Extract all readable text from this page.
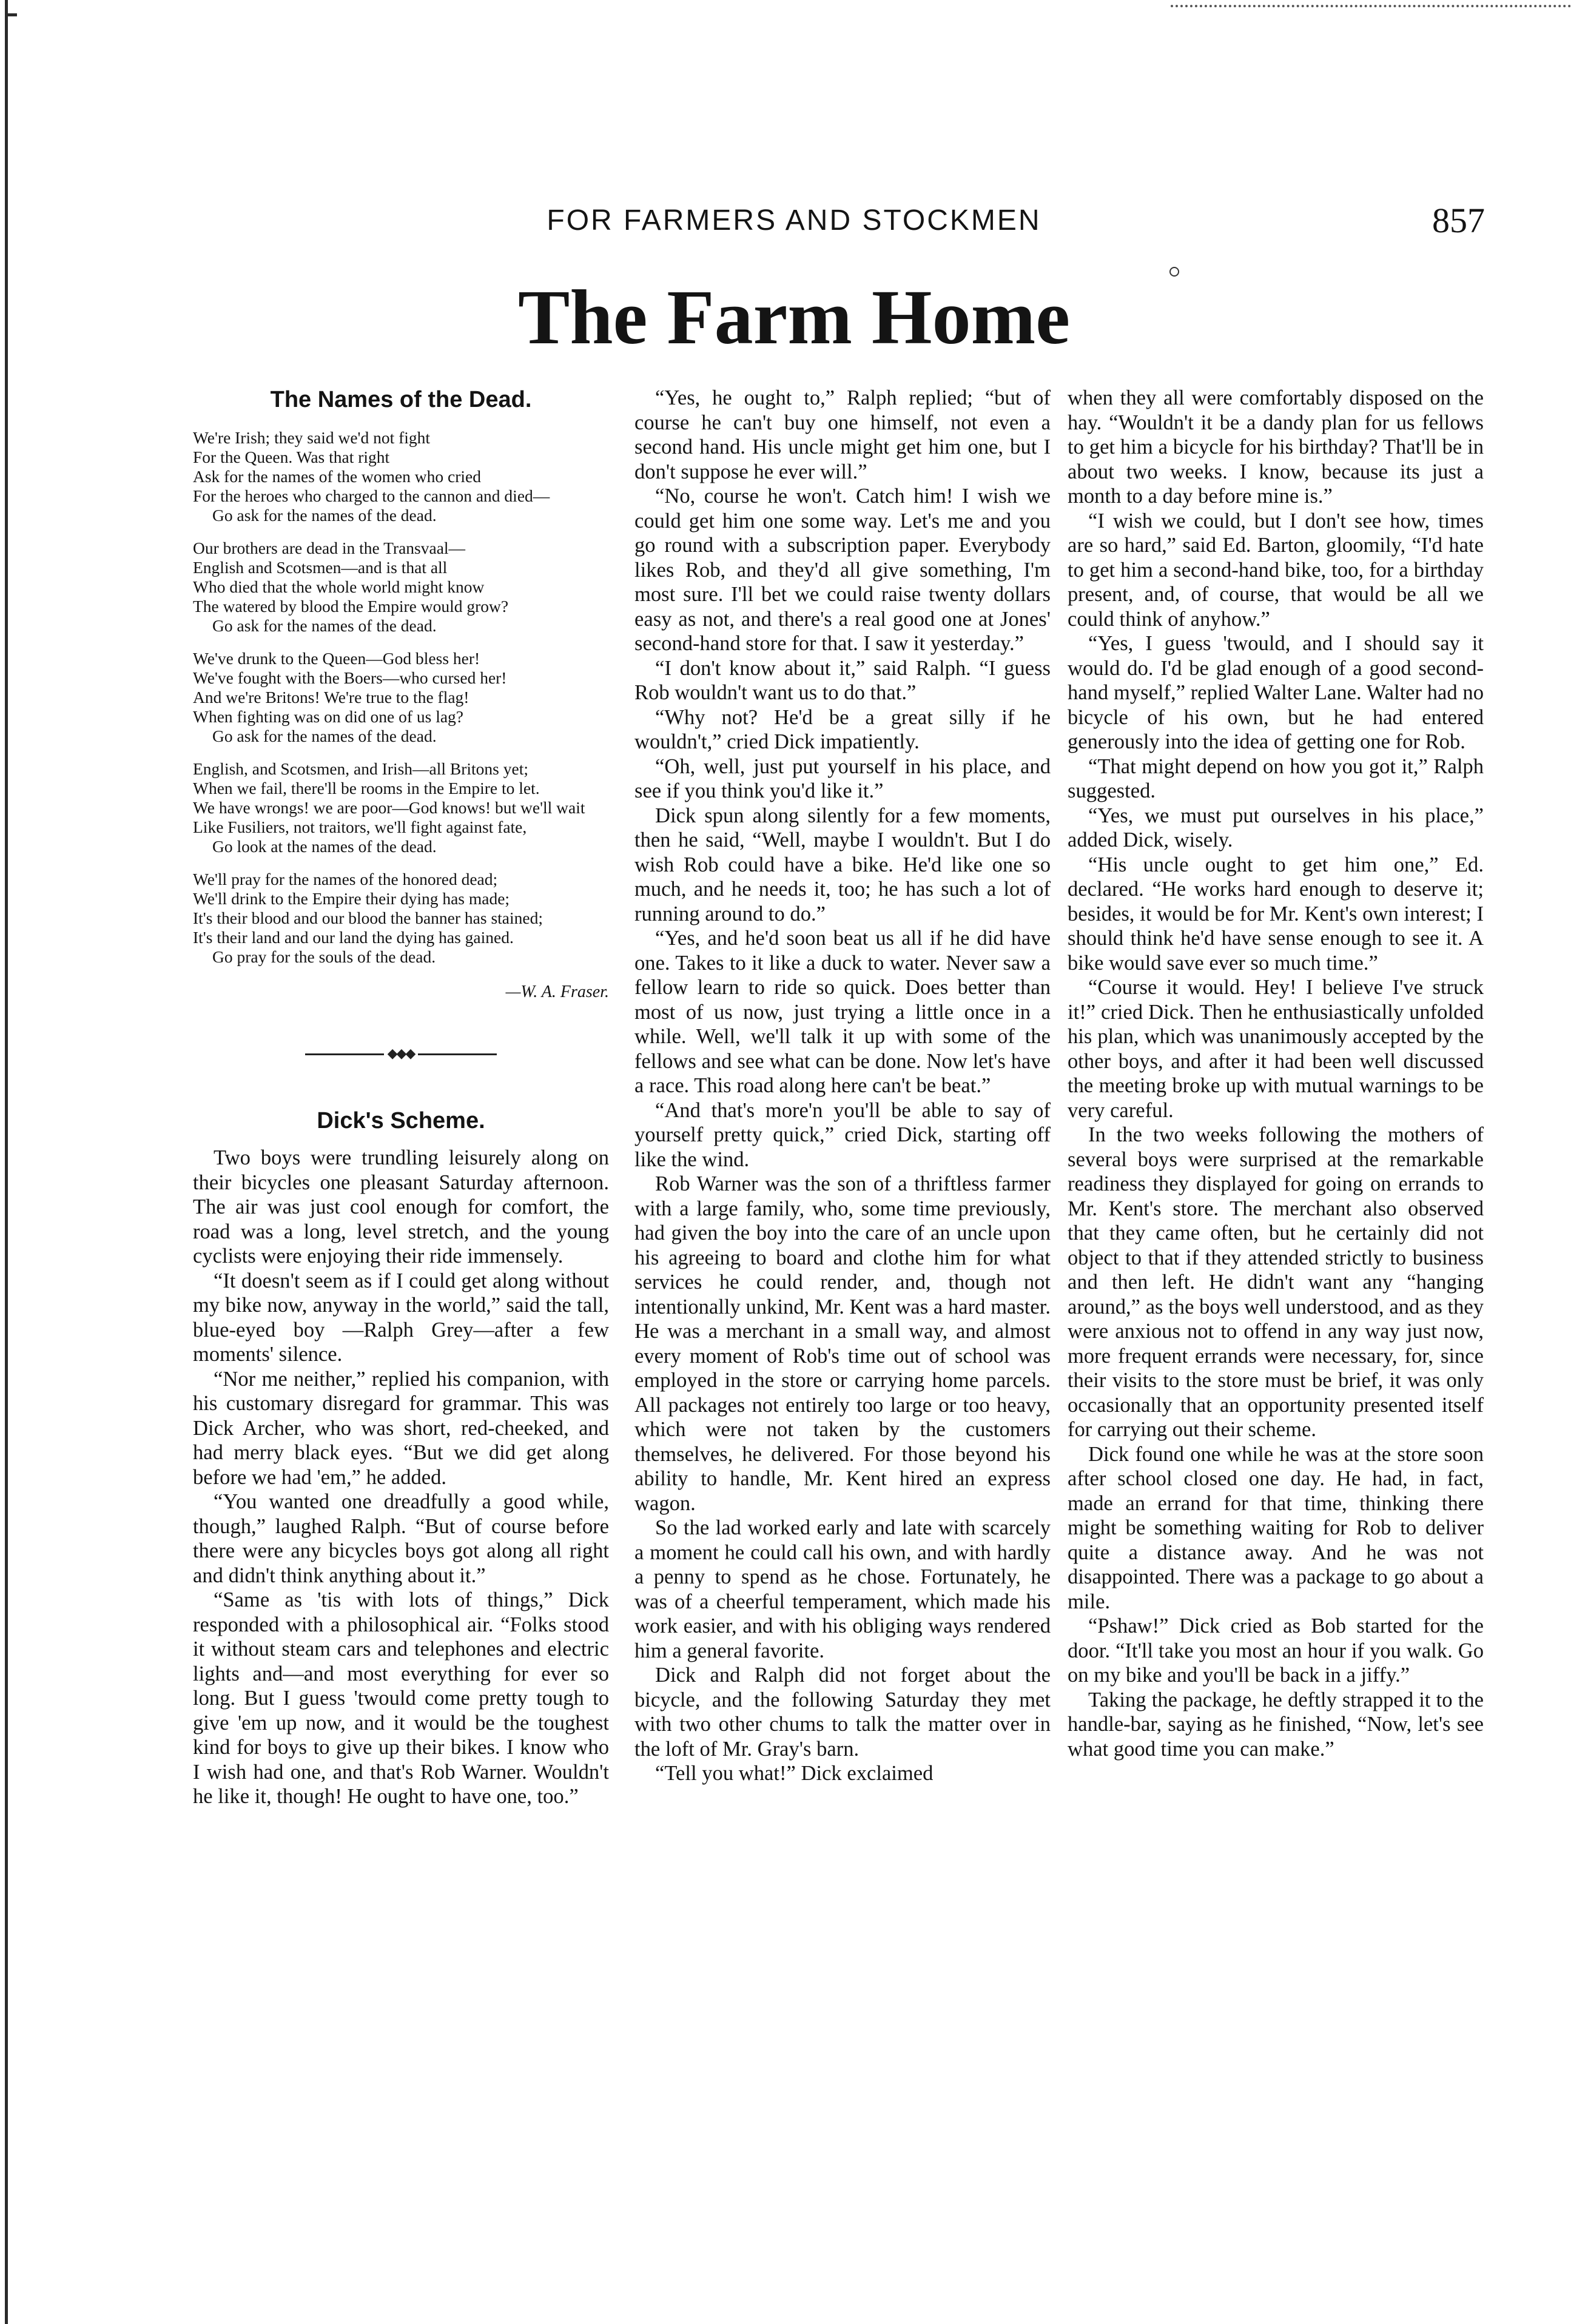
FOR FARMERS AND STOCKMEN	857
The Farm Home
The Names of the Dead.
We're Irish; they said we'd not fight
For the Queen. Was that right
Ask for the names of the women who cried
For the heroes who charged to the cannon and died—
Go ask for the names of the dead.
Our brothers are dead in the Transvaal—
English and Scotsmen—and is that all
Who died that the whole world might know
The watered by blood the Empire would grow?
Go ask for the names of the dead.
We've drunk to the Queen—God bless her!
We've fought with the Boers—who cursed her!
And we're Britons! We're true to the flag!
When fighting was on did one of us lag?
Go ask for the names of the dead.
English, and Scotsmen, and Irish—all Britons yet;
When we fail, there'll be rooms in the Empire to let.
We have wrongs! we are poor—God knows! but we'll wait
Like Fusiliers, not traitors, we'll fight against fate,
Go look at the names of the dead.
We'll pray for the names of the honored dead;
We'll drink to the Empire their dying has made;
It's their blood and our blood the banner has stained;
It's their land and our land the dying has gained.
Go pray for the souls of the dead.
—W. A. Fraser.
◆◆◆
Dick's Scheme.

Two boys were trundling leisurely along on their bicycles one pleasant Saturday afternoon. The air was just cool enough for comfort, the road was a long, level stretch, and the young cyclists were enjoying their ride immensely.

“It doesn't seem as if I could get along without my bike now, anyway in the world,” said the tall, blue-eyed boy —Ralph Grey—after a few moments' silence.

“Nor me neither,” replied his companion, with his customary disregard for grammar. This was Dick Archer, who was short, red-cheeked, and had merry black eyes. “But we did get along before we had 'em,” he added.

“You wanted one dreadfully a good while, though,” laughed Ralph. “But of course before there were any bicycles boys got along all right and didn't think anything about it.”

“Same as 'tis with lots of things,” Dick responded with a philosophical air. “Folks stood it without steam cars and telephones and electric lights and—and most everything for ever so long. But I guess 'twould come pretty tough to give 'em up now, and it would be the toughest kind for boys to give up their bikes. I know who I wish had one, and that's Rob Warner. Wouldn't he like it, though! He ought to have one, too.”

“Yes, he ought to,” Ralph replied; “but of course he can't buy one himself, not even a second hand. His uncle might get him one, but I don't suppose he ever will.”

“No, course he won't. Catch him! I wish we could get him one some way. Let's me and you go round with a subscription paper. Everybody likes Rob, and they'd all give something, I'm most sure. I'll bet we could raise twenty dollars easy as not, and there's a real good one at Jones' second-hand store for that. I saw it yesterday.”

“I don't know about it,” said Ralph. “I guess Rob wouldn't want us to do that.”

“Why not? He'd be a great silly if he wouldn't,” cried Dick impatiently.

“Oh, well, just put yourself in his place, and see if you think you'd like it.”

Dick spun along silently for a few moments, then he said, “Well, maybe I wouldn't. But I do wish Rob could have a bike. He'd like one so much, and he needs it, too; he has such a lot of running around to do.”

“Yes, and he'd soon beat us all if he did have one. Takes to it like a duck to water. Never saw a fellow learn to ride so quick. Does better than most of us now, just trying a little once in a while. Well, we'll talk it up with some of the fellows and see what can be done. Now let's have a race. This road along here can't be beat.”

“And that's more'n you'll be able to say of yourself pretty quick,” cried Dick, starting off like the wind.

Rob Warner was the son of a thriftless farmer with a large family, who, some time previously, had given the boy into the care of an uncle upon his agreeing to board and clothe him for what services he could render, and, though not intentionally unkind, Mr. Kent was a hard master. He was a merchant in a small way, and almost every moment of Rob's time out of school was employed in the store or carrying home parcels. All packages not entirely too large or too heavy, which were not taken by the customers themselves, he delivered. For those beyond his ability to handle, Mr. Kent hired an express wagon.

So the lad worked early and late with scarcely a moment he could call his own, and with hardly a penny to spend as he chose. Fortunately, he was of a cheerful temperament, which made his work easier, and with his obliging ways rendered him a general favorite.

Dick and Ralph did not forget about the bicycle, and the following Saturday they met with two other chums to talk the matter over in the loft of Mr. Gray's barn.

“Tell you what!” Dick exclaimed

when they all were comfortably disposed on the hay. “Wouldn't it be a dandy plan for us fellows to get him a bicycle for his birthday? That'll be in about two weeks. I know, because its just a month to a day before mine is.”

“I wish we could, but I don't see how, times are so hard,” said Ed. Barton, gloomily, “I'd hate to get him a second-hand bike, too, for a birthday present, and, of course, that would be all we could think of anyhow.”

“Yes, I guess 'twould, and I should say it would do. I'd be glad enough of a good second-hand myself,” replied Walter Lane. Walter had no bicycle of his own, but he had entered generously into the idea of getting one for Rob.

“That might depend on how you got it,” Ralph suggested.

“Yes, we must put ourselves in his place,” added Dick, wisely.

“His uncle ought to get him one,” Ed. declared. “He works hard enough to deserve it; besides, it would be for Mr. Kent's own interest; I should think he'd have sense enough to see it. A bike would save ever so much time.”

“Course it would. Hey! I believe I've struck it!” cried Dick. Then he enthusiastically unfolded his plan, which was unanimously accepted by the other boys, and after it had been well discussed the meeting broke up with mutual warnings to be very careful.

In the two weeks following the mothers of several boys were surprised at the remarkable readiness they displayed for going on errands to Mr. Kent's store. The merchant also observed that they came often, but he certainly did not object to that if they attended strictly to business and then left. He didn't want any “hanging around,” as the boys well understood, and as they were anxious not to offend in any way just now, more frequent errands were necessary, for, since their visits to the store must be brief, it was only occasionally that an opportunity presented itself for carrying out their scheme.

Dick found one while he was at the store soon after school closed one day. He had, in fact, made an errand for that time, thinking there might be something waiting for Rob to deliver quite a distance away. And he was not disappointed. There was a package to go about a mile.

“Pshaw!” Dick cried as Bob started for the door. “It'll take you most an hour if you walk. Go on my bike and you'll be back in a jiffy.”

Taking the package, he deftly strapped it to the handle-bar, saying as he finished, “Now, let's see what good time you can make.”
